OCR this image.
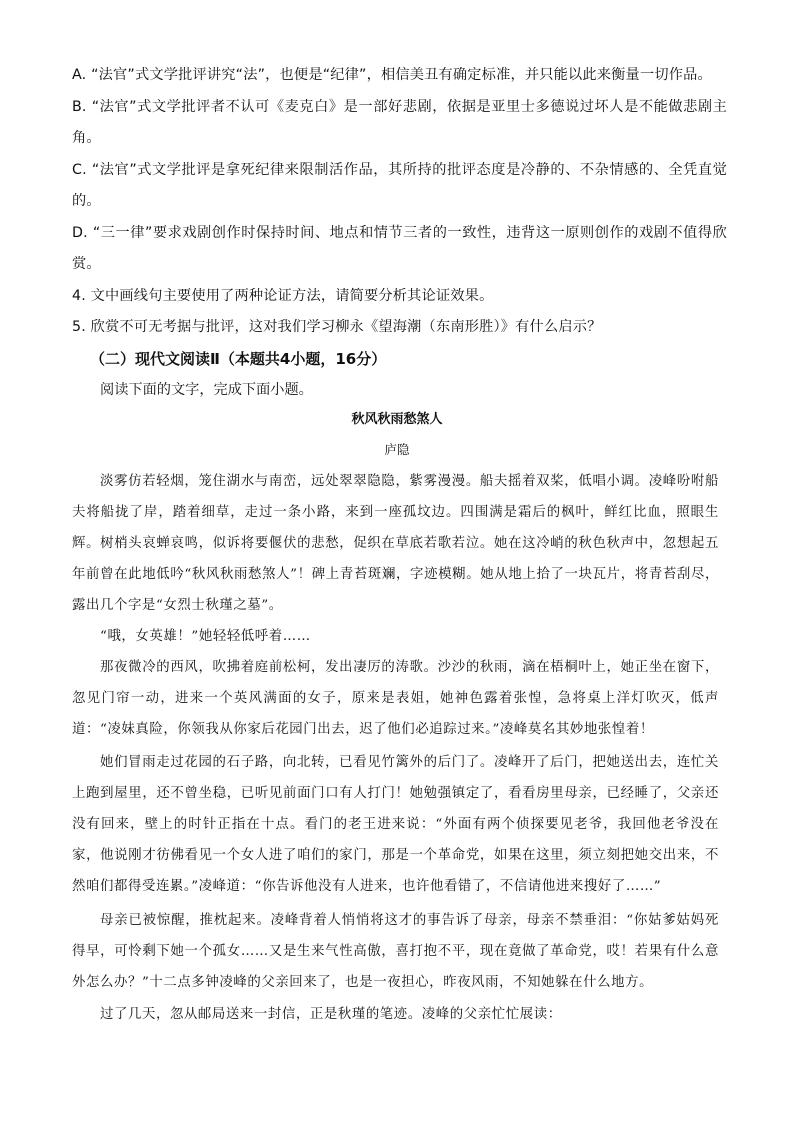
A. “法官”式文学批评讲究“法”，也便是“纪律”，相信美丑有确定标准，并只能以此来衡量一切作品。

B. “法官”式文学批评者不认可《麦克白》是一部好悲剧，依据是亚里士多德说过坏人是不能做悲剧主角。

C. “法官”式文学批评是拿死纪律来限制活作品，其所持的批评态度是冷静的、不杂情感的、全凭直觉的。

D. “三一律”要求戏剧创作时保持时间、地点和情节三者的一致性，违背这一原则创作的戏剧不值得欣赏。

4. 文中画线句主要使用了两种论证方法，请简要分析其论证效果。

5. 欣赏不可无考据与批评，这对我们学习柳永《望海潮（东南形胜）》有什么启示？

（二）现代文阅读Ⅱ（本题共4小题，16分）

阅读下面的文字，完成下面小题。

秋风秋雨愁煞人

庐隐

淡雾仿若轻烟，笼住湖水与南峦，远处翠翠隐隐，紫雾漫漫。船夫摇着双桨，低唱小调。凌峰吩咐船夫将船拢了岸，踏着细草，走过一条小路，来到一座孤坟边。四围满是霜后的枫叶，鲜红比血，照眼生辉。树梢头哀蝉哀鸣，似诉将要偃伏的悲愁，促织在草底若歌若泣。她在这冷峭的秋色秋声中，忽想起五年前曾在此地低吟“秋风秋雨愁煞人”！碑上青苔斑斓，字迹模糊。她从地上拾了一块瓦片，将青苔刮尽，露出几个字是“女烈士秋瑾之墓”。

“哦，女英雄！”她轻轻低呼着……

那夜微冷的西风，吹拂着庭前松柯，发出凄厉的涛歌。沙沙的秋雨，滴在梧桐叶上，她正坐在窗下，忽见门帘一动，进来一个英风满面的女子，原来是表姐，她神色露着张惶，急将桌上洋灯吹灭，低声道：“凌妹真险，你领我从你家后花园门出去，迟了他们必追踪过来。”凌峰莫名其妙地张惶着！

她们冒雨走过花园的石子路，向北转，已看见竹篱外的后门了。凌峰开了后门，把她送出去，连忙关上跑到屋里，还不曾坐稳，已听见前面门口有人打门！她勉强镇定了，看看房里母亲，已经睡了，父亲还没有回来，壁上的时针正指在十点。看门的老王进来说：“外面有两个侦探要见老爷，我回他老爷没在家，他说刚才彷佛看见一个女人进了咱们的家门，那是一个革命党，如果在这里，须立刻把她交出来，不然咱们都得受连累。”凌峰道：“你告诉他没有人进来，也许他看错了，不信请他进来搜好了……”

母亲已被惊醒，推枕起来。凌峰背着人悄悄将这才的事告诉了母亲，母亲不禁垂泪：“你姑爹姑妈死得早，可怜剩下她一个孤女……又是生来气性高傲，喜打抱不平，现在竟做了革命党，哎！若果有什么意外怎么办？”十二点多钟凌峰的父亲回来了，也是一夜担心，昨夜风雨，不知她躲在什么地方。

过了几天，忽从邮局送来一封信，正是秋瑾的笔迹。凌峰的父亲忙忙展读：
